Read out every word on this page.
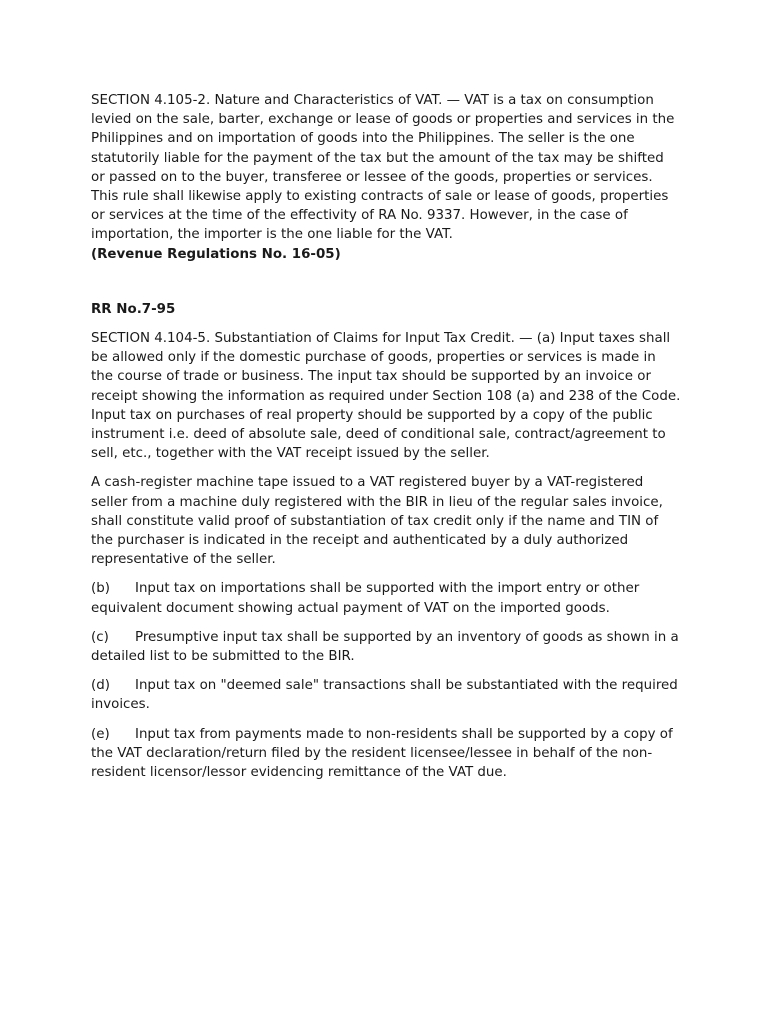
SECTION 4.105-2. Nature and Characteristics of VAT. — VAT is a tax on consumption levied on the sale, barter, exchange or lease of goods or properties and services in the Philippines and on importation of goods into the Philippines. The seller is the one statutorily liable for the payment of the tax but the amount of the tax may be shifted or passed on to the buyer, transferee or lessee of the goods, properties or services. This rule shall likewise apply to existing contracts of sale or lease of goods, properties or services at the time of the effectivity of RA No. 9337. However, in the case of importation, the importer is the one liable for the VAT.

(Revenue Regulations No. 16-05)

RR No.7-95

SECTION 4.104-5. Substantiation of Claims for Input Tax Credit. — (a) Input taxes shall be allowed only if the domestic purchase of goods, properties or services is made in the course of trade or business. The input tax should be supported by an invoice or receipt showing the information as required under Section 108 (a) and 238 of the Code. Input tax on purchases of real property should be supported by a copy of the public instrument i.e. deed of absolute sale, deed of conditional sale, contract/agreement to sell, etc., together with the VAT receipt issued by the seller.

A cash-register machine tape issued to a VAT registered buyer by a VAT-registered seller from a machine duly registered with the BIR in lieu of the regular sales invoice, shall constitute valid proof of substantiation of tax credit only if the name and TIN of the purchaser is indicated in the receipt and authenticated by a duly authorized representative of the seller.

(b) Input tax on importations shall be supported with the import entry or other equivalent document showing actual payment of VAT on the imported goods.

(c) Presumptive input tax shall be supported by an inventory of goods as shown in a detailed list to be submitted to the BIR.

(d) Input tax on "deemed sale" transactions shall be substantiated with the required invoices.

(e) Input tax from payments made to non-residents shall be supported by a copy of the VAT declaration/return filed by the resident licensee/lessee in behalf of the non-resident licensor/lessor evidencing remittance of the VAT due.
